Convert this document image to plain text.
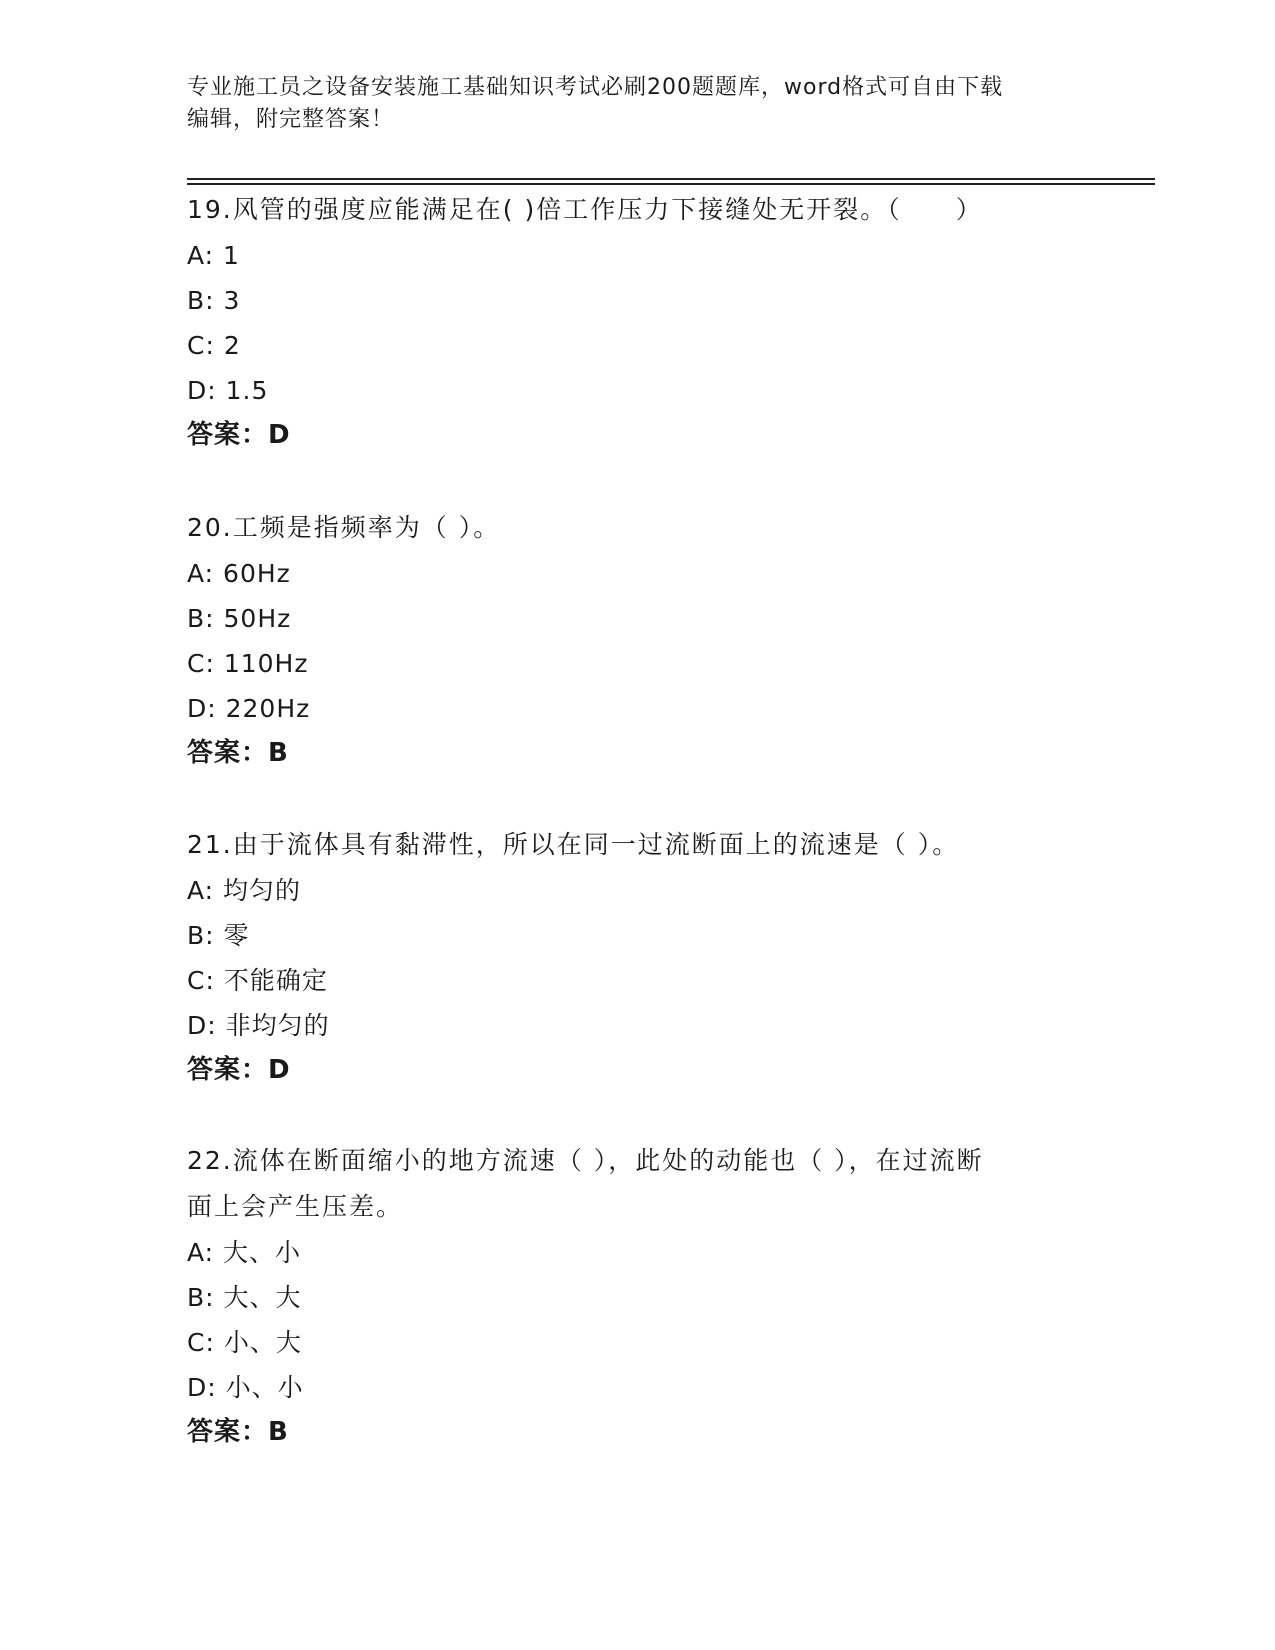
专业施工员之设备安装施工基础知识考试必刷200题题库，word格式可自由下载
编辑，附完整答案！
19.风管的强度应能满足在( )倍工作压力下接缝处无开裂。（　　）
A: 1
B: 3
C: 2
D: 1.5
答案：D
20.工频是指频率为（ ）。
A: 60Hz
B: 50Hz
C: 110Hz
D: 220Hz
答案：B
21.由于流体具有黏滞性，所以在同一过流断面上的流速是（ ）。
A: 均匀的
B: 零
C: 不能确定
D: 非均匀的
答案：D
22.流体在断面缩小的地方流速（ ），此处的动能也（ ），在过流断
面上会产生压差。
A: 大、小
B: 大、大
C: 小、大
D: 小、小
答案：B
